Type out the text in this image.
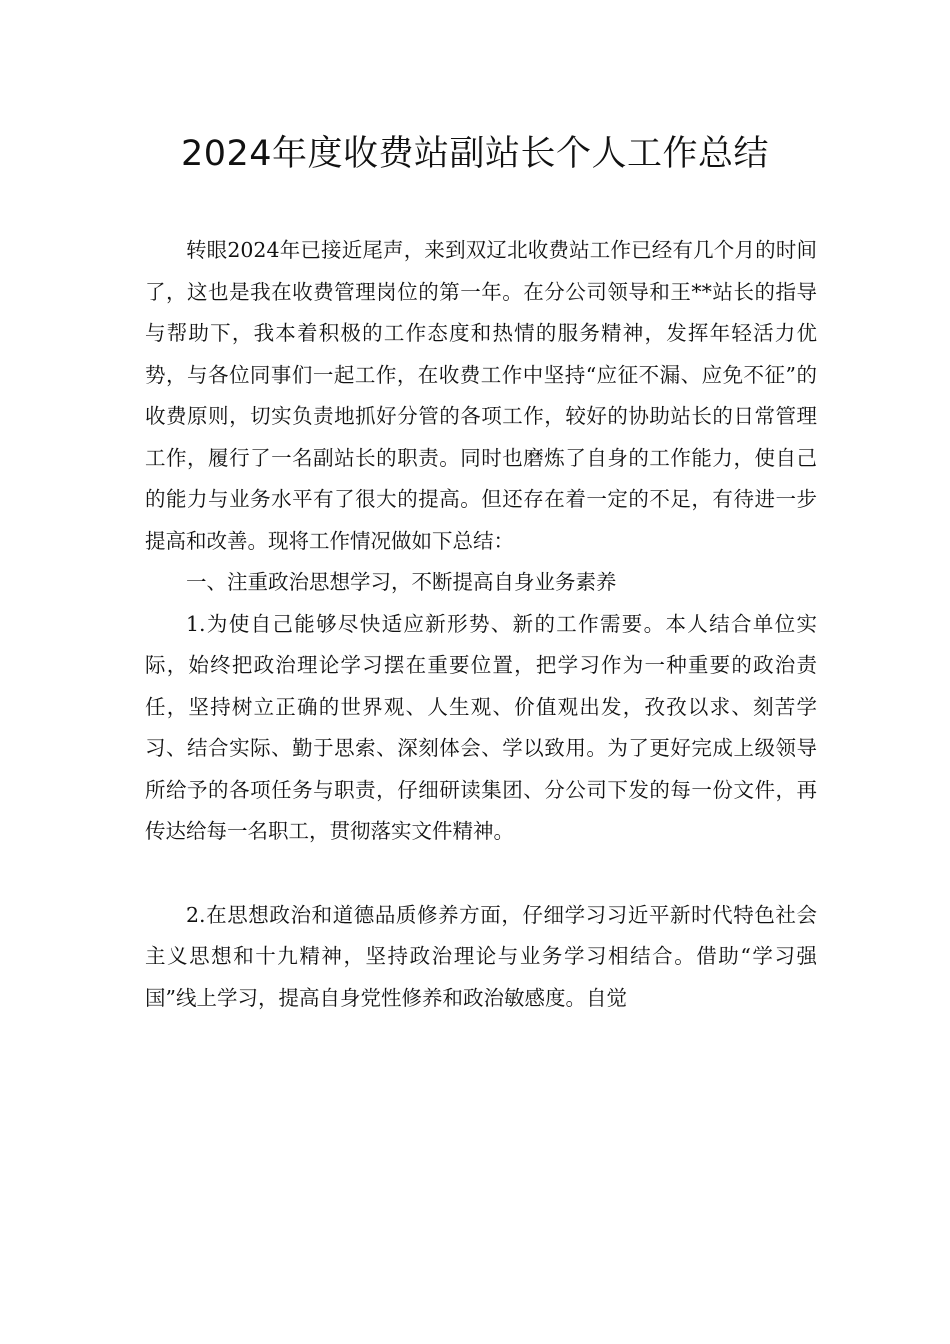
2024年度收费站副站长个人工作总结

转眼2024年已接近尾声，来到双辽北收费站工作已经有几个月的时间了，这也是我在收费管理岗位的第一年。在分公司领导和王**站长的指导与帮助下，我本着积极的工作态度和热情的服务精神，发挥年轻活力优势，与各位同事们一起工作，在收费工作中坚持“应征不漏、应免不征”的收费原则，切实负责地抓好分管的各项工作，较好的协助站长的日常管理工作，履行了一名副站长的职责。同时也磨炼了自身的工作能力，使自己的能力与业务水平有了很大的提高。但还存在着一定的不足，有待进一步提高和改善。现将工作情况做如下总结：

一、注重政治思想学习，不断提高自身业务素养

1.为使自己能够尽快适应新形势、新的工作需要。本人结合单位实际，始终把政治理论学习摆在重要位置，把学习作为一种重要的政治责任，坚持树立正确的世界观、人生观、价值观出发，孜孜以求、刻苦学习、结合实际、勤于思索、深刻体会、学以致用。为了更好完成上级领导所给予的各项任务与职责，仔细研读集团、分公司下发的每一份文件，再传达给每一名职工，贯彻落实文件精神。

2.在思想政治和道德品质修养方面，仔细学习习近平新时代特色社会主义思想和十九精神，坚持政治理论与业务学习相结合。借助“学习强国”线上学习，提高自身党性修养和政治敏感度。自觉
